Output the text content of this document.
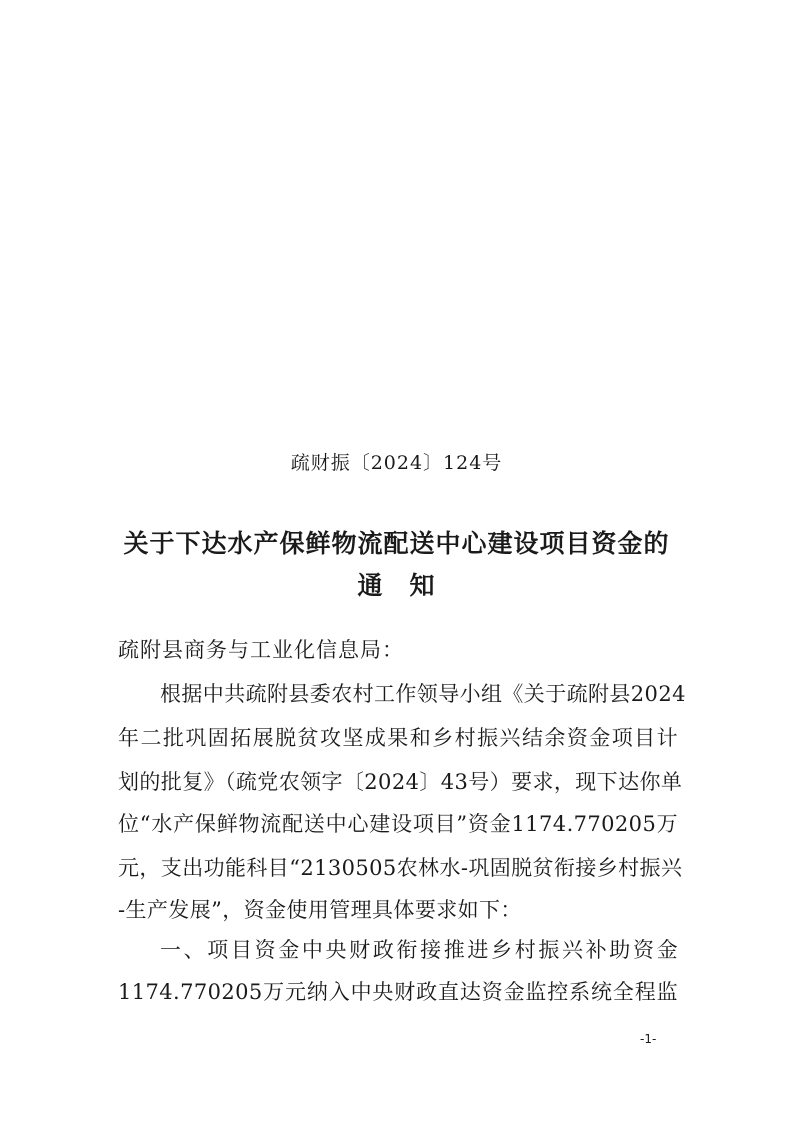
疏财振〔2024〕124号
关于下达水产保鲜物流配送中心建设项目资金的
通　知
疏附县商务与工业化信息局：
根据中共疏附县委农村工作领导小组《关于疏附县2024
年二批巩固拓展脱贫攻坚成果和乡村振兴结余资金项目计
划的批复》（疏党农领字〔2024〕43号）要求，现下达你单
位“水产保鲜物流配送中心建设项目”资金1174.770205万
元，支出功能科目“2130505农林水-巩固脱贫衔接乡村振兴
-生产发展”，资金使用管理具体要求如下：
一、项目资金中央财政衔接推进乡村振兴补助资金
1174.770205万元纳入中央财政直达资金监控系统全程监
-1-
